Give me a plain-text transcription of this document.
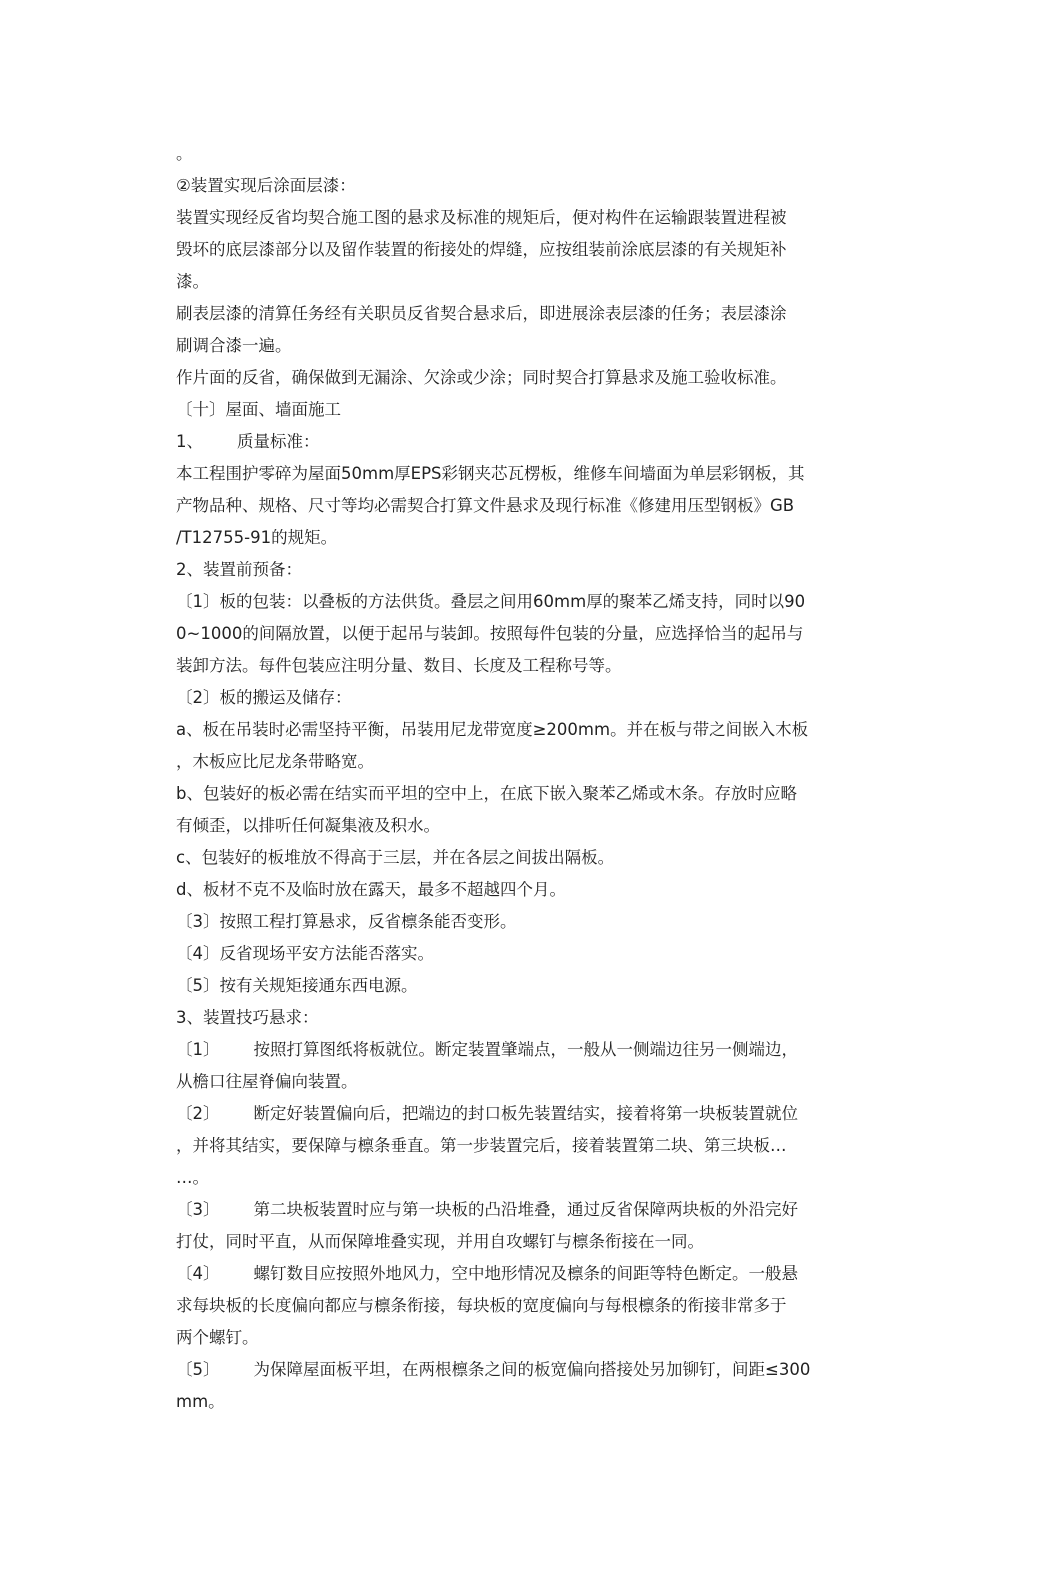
。
②装置实现后涂面层漆：
装置实现经反省均契合施工图的悬求及标准的规矩后，便对构件在运输跟装置进程被
毁坏的底层漆部分以及留作装置的衔接处的焊缝，应按组装前涂底层漆的有关规矩补
漆。
刷表层漆的清算任务经有关职员反省契合悬求后，即进展涂表层漆的任务；表层漆涂
刷调合漆一遍。
作片面的反省，确保做到无漏涂、欠涂或少涂；同时契合打算悬求及施工验收标准。
〔十〕屋面、墙面施工
1、 质量标准：
本工程围护零碎为屋面50mm厚EPS彩钢夹芯瓦楞板，维修车间墙面为单层彩钢板，其
产物品种、规格、尺寸等均必需契合打算文件悬求及现行标准《修建用压型钢板》GB
/T12755-91的规矩。
2、装置前预备：
〔1〕板的包装：以叠板的方法供货。叠层之间用60mm厚的聚苯乙烯支持，同时以90
0~1000的间隔放置，以便于起吊与装卸。按照每件包装的分量，应选择恰当的起吊与
装卸方法。每件包装应注明分量、数目、长度及工程称号等。
〔2〕板的搬运及储存：
a、板在吊装时必需坚持平衡，吊装用尼龙带宽度≥200mm。并在板与带之间嵌入木板
，木板应比尼龙条带略宽。
b、包装好的板必需在结实而平坦的空中上，在底下嵌入聚苯乙烯或木条。存放时应略
有倾歪，以排听任何凝集液及积水。
c、包装好的板堆放不得高于三层，并在各层之间拔出隔板。
d、板材不克不及临时放在露天，最多不超越四个月。
〔3〕按照工程打算悬求，反省檩条能否变形。
〔4〕反省现场平安方法能否落实。
〔5〕按有关规矩接通东西电源。
3、装置技巧悬求：
〔1〕 按照打算图纸将板就位。断定装置肇端点，一般从一侧端边往另一侧端边，
从檐口往屋脊偏向装置。
〔2〕 断定好装置偏向后，把端边的封口板先装置结实，接着将第一块板装置就位
，并将其结实，要保障与檩条垂直。第一步装置完后，接着装置第二块、第三块板…
…。
〔3〕 第二块板装置时应与第一块板的凸沿堆叠，通过反省保障两块板的外沿完好
打仗，同时平直，从而保障堆叠实现，并用自攻螺钉与檩条衔接在一同。
〔4〕 螺钉数目应按照外地风力，空中地形情况及檩条的间距等特色断定。一般悬
求每块板的长度偏向都应与檩条衔接，每块板的宽度偏向与每根檩条的衔接非常多于
两个螺钉。
〔5〕 为保障屋面板平坦，在两根檩条之间的板宽偏向搭接处另加铆钉，间距≤300
mm。
